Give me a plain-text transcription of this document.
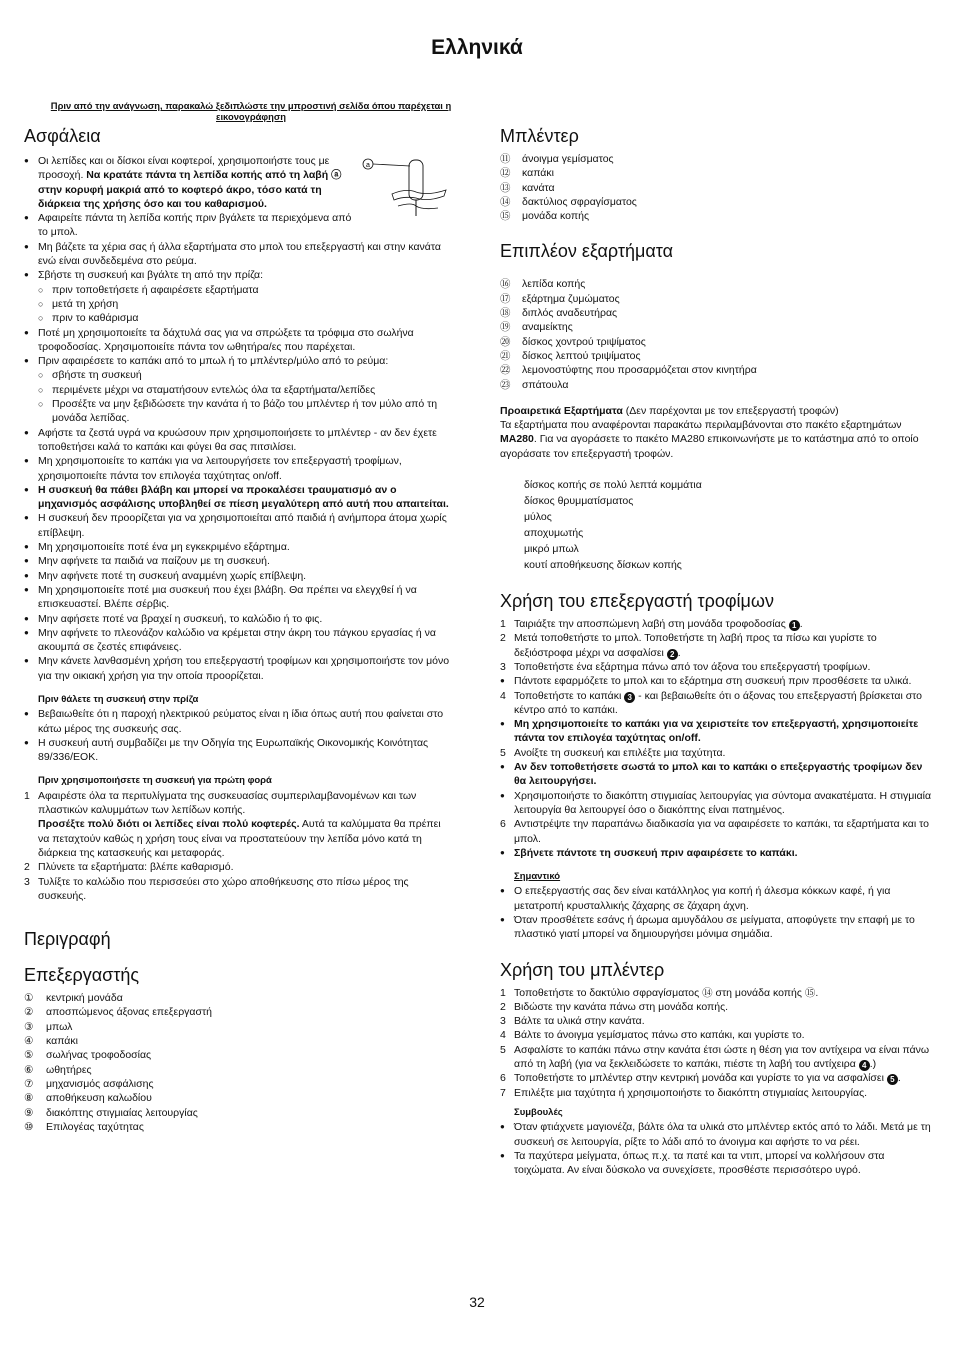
Ελληνικά
Πριν από την ανάγνωση, παρακαλώ ξεδιπλώστε την μπροστινή σελίδα όπου παρέχεται η εικονογράφηση
Ασφάλεια
● a
Οι λεπίδες και οι δίσκοι είναι κοφτεροί, χρησιμοποιήστε τους με προσοχή. Να κρατάτε πάντα τη λεπίδα κοπής από τη λαβή ⓐ στην κορυφή μακριά από το κοφτερό άκρο, τόσο κατά τη διάρκεια της χρήσης όσο και του καθαρισμού.
● Αφαιρείτε πάντα τη λεπίδα κοπής πριν βγάλετε τα περιεχόμενα από το μπολ.
● Μη βάζετε τα χέρια σας ή άλλα εξαρτήματα στο μπολ του επεξεργαστή και στην κανάτα ενώ είναι συνδεδεμένα στο ρεύμα.
● Σβήστε τη συσκευή και βγάλτε τη από την πρίζα:
○ πριν τοποθετήσετε ή αφαιρέσετε εξαρτήματα
○ μετά τη χρήση
○ πριν το καθάρισμα
● Ποτέ μη χρησιμοποιείτε τα δάχτυλά σας για να σπρώξετε τα τρόφιμα στο σωλήνα τροφοδοσίας. Χρησιμοποιείτε πάντα τον ωθητήρα/ες που παρέχεται.
● Πριν αφαιρέσετε το καπάκι από το μπωλ ή το μπλέντερ/μύλο από το ρεύμα:
○ σβήστε τη συσκευή
○ περιμένετε μέχρι να σταματήσουν εντελώς όλα τα εξαρτήματα/λεπίδες
○ Προσέξτε να μην ξεβιδώσετε την κανάτα ή το βάζο του μπλέντερ ή τον μύλο από τη μονάδα λεπίδας.
● Αφήστε τα ζεστά υγρά να κρυώσουν πριν χρησιμοποιήσετε το μπλέντερ - αν δεν έχετε τοποθετήσει καλά το καπάκι και φύγει θα σας πιτσιλίσει.
● Μη χρησιμοποιείτε το καπάκι για να λειτουργήσετε τον επεξεργαστή τροφίμων, χρησιμοποιείτε πάντα τον επιλογέα ταχύτητας on/off.
● Η συσκευή θα πάθει βλάβη και μπορεί να προκαλέσει τραυματισμό αν ο μηχανισμός ασφάλισης υποβληθεί σε πίεση μεγαλύτερη από αυτή που απαιτείται.
● Η συσκευή δεν προορίζεται για να χρησιμοποιείται από παιδιά ή ανήμπορα άτομα χωρίς επίβλεψη.
● Μη χρησιμοποιείτε ποτέ ένα μη εγκεκριμένο εξάρτημα.
● Μην αφήνετε τα παιδιά να παίζουν με τη συσκευή.
● Μην αφήνετε ποτέ τη συσκευή αναμμένη χωρίς επίβλεψη.
● Μη χρησιμοποιείτε ποτέ μια συσκευή που έχει βλάβη. Θα πρέπει να ελεγχθεί ή να επισκευαστεί. Βλέπε σέρβις.
● Μην αφήσετε ποτέ να βραχεί η συσκευή, το καλώδιο ή το φις.
● Μην αφήνετε το πλεονάζον καλώδιο να κρέμεται στην άκρη του πάγκου εργασίας ή να ακουμπά σε ζεστές επιφάνειες.
● Μην κάνετε λανθασμένη χρήση του επεξεργαστή τροφίμων και χρησιμοποιήστε τον μόνο για την οικιακή χρήση για την οποία προορίζεται.
Πριν θάλετε τη συσκευή στην πρίζα
● Βεβαιωθείτε ότι η παροχή ηλεκτρικού ρεύματος είναι η ίδια όπως αυτή που φαίνεται στο κάτω μέρος της συσκευής σας.
● Η συσκευή αυτή συμβαδίζει με την Οδηγία της Ευρωπαϊκής Οικονομικής Κοινότητας 89/336/EOK.
Πριν χρησιμοποιήσετε τη συσκευή για πρώτη φορά
1 Αφαιρέστε όλα τα περιτυλίγματα της συσκευασίας συμπεριλαμβανομένων και των πλαστικών καλυμμάτων των λεπίδων κοπής.
Προσέξτε πολύ διότι οι λεπίδες είναι πολύ κοφτερές. Αυτά τα καλύμματα θα πρέπει να πεταχτούν καθώς η χρήση τους είναι να προστατεύουν την λεπίδα μόνο κατά τη διάρκεια της κατασκευής και μεταφοράς.
2 Πλύνετε τα εξαρτήματα: βλέπε καθαρισμό.
3 Τυλίξτε το καλώδιο που περισσεύει στο χώρο αποθήκευσης στο πίσω μέρος της συσκευής.
Περιγραφή
Επεξεργαστής
① κεντρική μονάδα
② αποσπώμενος άξονας επεξεργαστή
③ μπωλ
④ καπάκι
⑤ σωλήνας τροφοδοσίας
⑥ ωθητήρες
⑦ μηχανισμός ασφάλισης
⑧ αποθήκευση καλωδίου
⑨ διακόπτης στιγμιαίας λειτουργίας
⑩ Επιλογέας ταχύτητας
Μπλέντερ
⑪ άνοιγμα γεμίσματος
⑫ καπάκι
⑬ κανάτα
⑭ δακτύλιος σφραγίσματος
⑮ μονάδα κοπής
Επιπλέον εξαρτήματα
⑯ λεπίδα κοπής
⑰ εξάρτημα ζυμώματος
⑱ διπλός αναδευτήρας
⑲ αναμείκτης
⑳ δίσκος χοντρού τριψίματος
㉑ δίσκος λεπτού τριψίματος
㉒ λεμονοστύφτης που προσαρμόζεται στον κινητήρα
㉓ σπάτουλα
Προαιρετικά Εξαρτήματα (Δεν παρέχονται με τον επεξεργαστή τροφών)
Τα εξαρτήματα που αναφέρονται παρακάτω περιλαμβάνονται στο πακέτο εξαρτημάτων MA280. Για να αγοράσετε το πακέτο MA280 επικοινωνήστε με το κατάστημα από το οποίο αγοράσατε τον επεξεργαστή τροφών.
δίσκος κοπής σε πολύ λεπτά κομμάτια
δίσκος θρυμματίσματος
μύλος
αποχυμωτής
μικρό μπωλ
κουτί αποθήκευσης δίσκων κοπής
Χρήση του επεξεργαστή τροφίμων
1 Ταιριάξτε την αποσπώμενη λαβή στη μονάδα τροφοδοσίας 1 .
2 Μετά τοποθετήστε το μπολ. Τοποθετήστε τη λαβή προς τα πίσω και γυρίστε το δεξιόστροφα μέχρι να ασφαλίσει 2 .
3 Τοποθετήστε ένα εξάρτημα πάνω από τον άξονα του επεξεργαστή τροφίμων.
● Πάντοτε εφαρμόζετε το μπολ και το εξάρτημα στη συσκευή πριν προσθέσετε τα υλικά.
4 Τοποθετήστε το καπάκι 3 - και βεβαιωθείτε ότι ο άξονας του επεξεργαστή βρίσκεται στο κέντρο από το καπάκι.
● Μη χρησιμοποιείτε το καπάκι για να χειριστείτε τον επεξεργαστή, χρησιμοποιείτε πάντα τον επιλογέα ταχύτητας on/off.
5 Ανοίξτε τη συσκευή και επιλέξτε μια ταχύτητα.
● Αν δεν τοποθετήσετε σωστά το μπολ και το καπάκι ο επεξεργαστής τροφίμων δεν θα λειτουργήσει.
● Χρησιμοποιήστε το διακόπτη στιγμιαίας λειτουργίας για σύντομα ανακατέματα. Η στιγμιαία λειτουργία θα λειτουργεί όσο ο διακόπτης είναι πατημένος.
6 Αντιστρέψτε την παραπάνω διαδικασία για να αφαιρέσετε το καπάκι, τα εξαρτήματα και το μπολ.
● Σβήνετε πάντοτε τη συσκευή πριν αφαιρέσετε το καπάκι.
Σημαντικό
● Ο επεξεργαστής σας δεν είναι κατάλληλος για κοπή ή άλεσμα κόκκων καφέ, ή για μετατροπή κρυσταλλικής ζάχαρης σε ζάχαρη άχνη.
● Όταν προσθέτετε εσάνς ή άρωμα αμυγδάλου σε μείγματα, αποφύγετε την επαφή με το πλαστικό γιατί μπορεί να δημιουργήσει μόνιμα σημάδια.
Χρήση του μπλέντερ
1 Τοποθετήστε το δακτύλιο σφραγίσματος ⑭ στη μονάδα κοπής ⑮.
2 Βιδώστε την κανάτα πάνω στη μονάδα κοπής.
3 Βάλτε τα υλικά στην κανάτα.
4 Βάλτε το άνοιγμα γεμίσματος πάνω στο καπάκι, και γυρίστε το.
5 Ασφαλίστε το καπάκι πάνω στην κανάτα έτσι ώστε η θέση για τον αντίχειρα να είναι πάνω από τη λαβή (για να ξεκλειδώσετε το καπάκι, πιέστε τη λαβή του αντίχειρα 4 .)
6 Τοποθετήστε το μπλέντερ στην κεντρική μονάδα και γυρίστε το για να ασφαλίσει 5 .
7 Επιλέξτε μια ταχύτητα ή χρησιμοποιήστε το διακόπτη στιγμιαίας λειτουργίας.
Συμβουλές
● Όταν φτιάχνετε μαγιονέζα, βάλτε όλα τα υλικά στο μπλέντερ εκτός από το λάδι. Μετά με τη συσκευή σε λειτουργία, ρίξτε το λάδι από το άνοιγμα και αφήστε το να ρέει.
● Τα παχύτερα μείγματα, όπως π.χ. τα πατέ και τα ντιπ, μπορεί να κολλήσουν στα τοιχώματα. Αν είναι δύσκολο να συνεχίσετε, προσθέστε περισσότερο υγρό.
32
